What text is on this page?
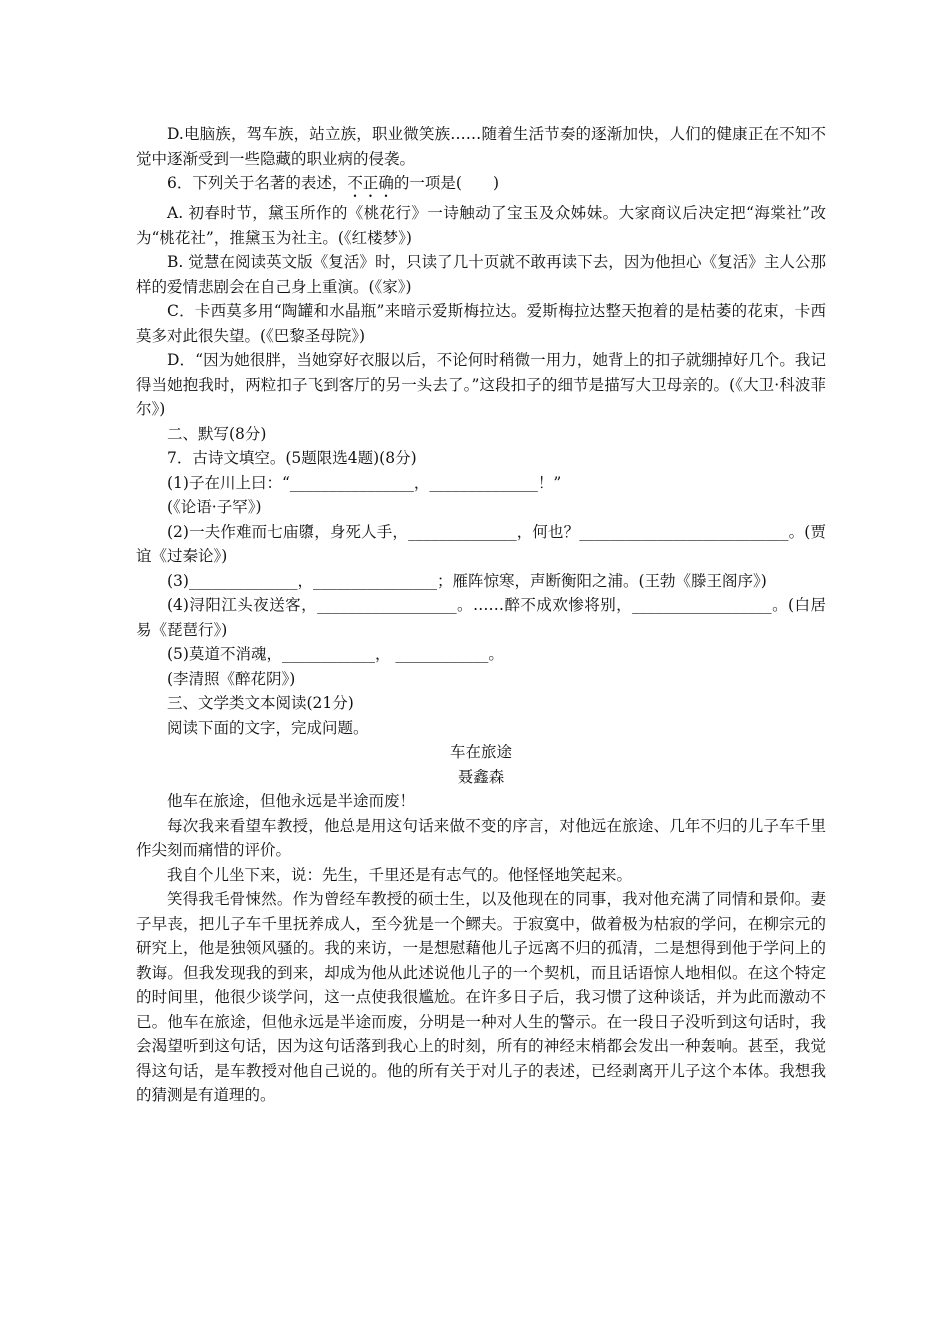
D.电脑族，驾车族，站立族，职业微笑族……随着生活节奏的逐渐加快，人们的健康正在不知不觉中逐渐受到一些隐藏的职业病的侵袭。

6．下列关于名著的表述，不正确的一项是(　　)

A. 初春时节，黛玉所作的《桃花行》一诗触动了宝玉及众姊妹。大家商议后决定把“海棠社”改为“桃花社”，推黛玉为社主。(《红楼梦》)

B. 觉慧在阅读英文版《复活》时，只读了几十页就不敢再读下去，因为他担心《复活》主人公那样的爱情悲剧会在自己身上重演。(《家》)

C．卡西莫多用“陶罐和水晶瓶”来暗示爱斯梅拉达。爱斯梅拉达整天抱着的是枯萎的花束，卡西莫多对此很失望。(《巴黎圣母院》)

D．“因为她很胖，当她穿好衣服以后，不论何时稍微一用力，她背上的扣子就绷掉好几个。我记得当她抱我时，两粒扣子飞到客厅的另一头去了。”这段扣子的细节是描写大卫母亲的。(《大卫·科波菲尔》)

二、默写(8分)

7．古诗文填空。(5题限选4题)(8分)

(1)子在川上曰：“________________，______________！”

(《论语·子罕》)

(2)一夫作难而七庙隳，身死人手，______________，何也？___________________________。(贾谊《过秦论》)

(3)______________，________________；雁阵惊寒，声断衡阳之浦。(王勃《滕王阁序》)

(4)浔阳江头夜送客，__________________。……醉不成欢惨将别，__________________。(白居易《琵琶行》)

(5)莫道不消魂，____________， ____________。

(李清照《醉花阴》)

三、文学类文本阅读(21分)

阅读下面的文字，完成问题。

车在旅途

聂鑫森

他车在旅途，但他永远是半途而废！

每次我来看望车教授，他总是用这句话来做不变的序言，对他远在旅途、几年不归的儿子车千里作尖刻而痛惜的评价。

我自个儿坐下来，说：先生，千里还是有志气的。他怪怪地笑起来。

笑得我毛骨悚然。作为曾经车教授的硕士生，以及他现在的同事，我对他充满了同情和景仰。妻子早丧，把儿子车千里抚养成人，至今犹是一个鳏夫。于寂寞中，做着极为枯寂的学问，在柳宗元的研究上，他是独领风骚的。我的来访，一是想慰藉他儿子远离不归的孤清，二是想得到他于学问上的教诲。但我发现我的到来，却成为他从此述说他儿子的一个契机，而且话语惊人地相似。在这个特定的时间里，他很少谈学问，这一点使我很尴尬。在许多日子后，我习惯了这种谈话，并为此而激动不已。他车在旅途，但他永远是半途而废，分明是一种对人生的警示。在一段日子没听到这句话时，我会渴望听到这句话，因为这句话落到我心上的时刻，所有的神经末梢都会发出一种轰响。甚至，我觉得这句话，是车教授对他自己说的。他的所有关于对儿子的表述，已经剥离开儿子这个本体。我想我的猜测是有道理的。
